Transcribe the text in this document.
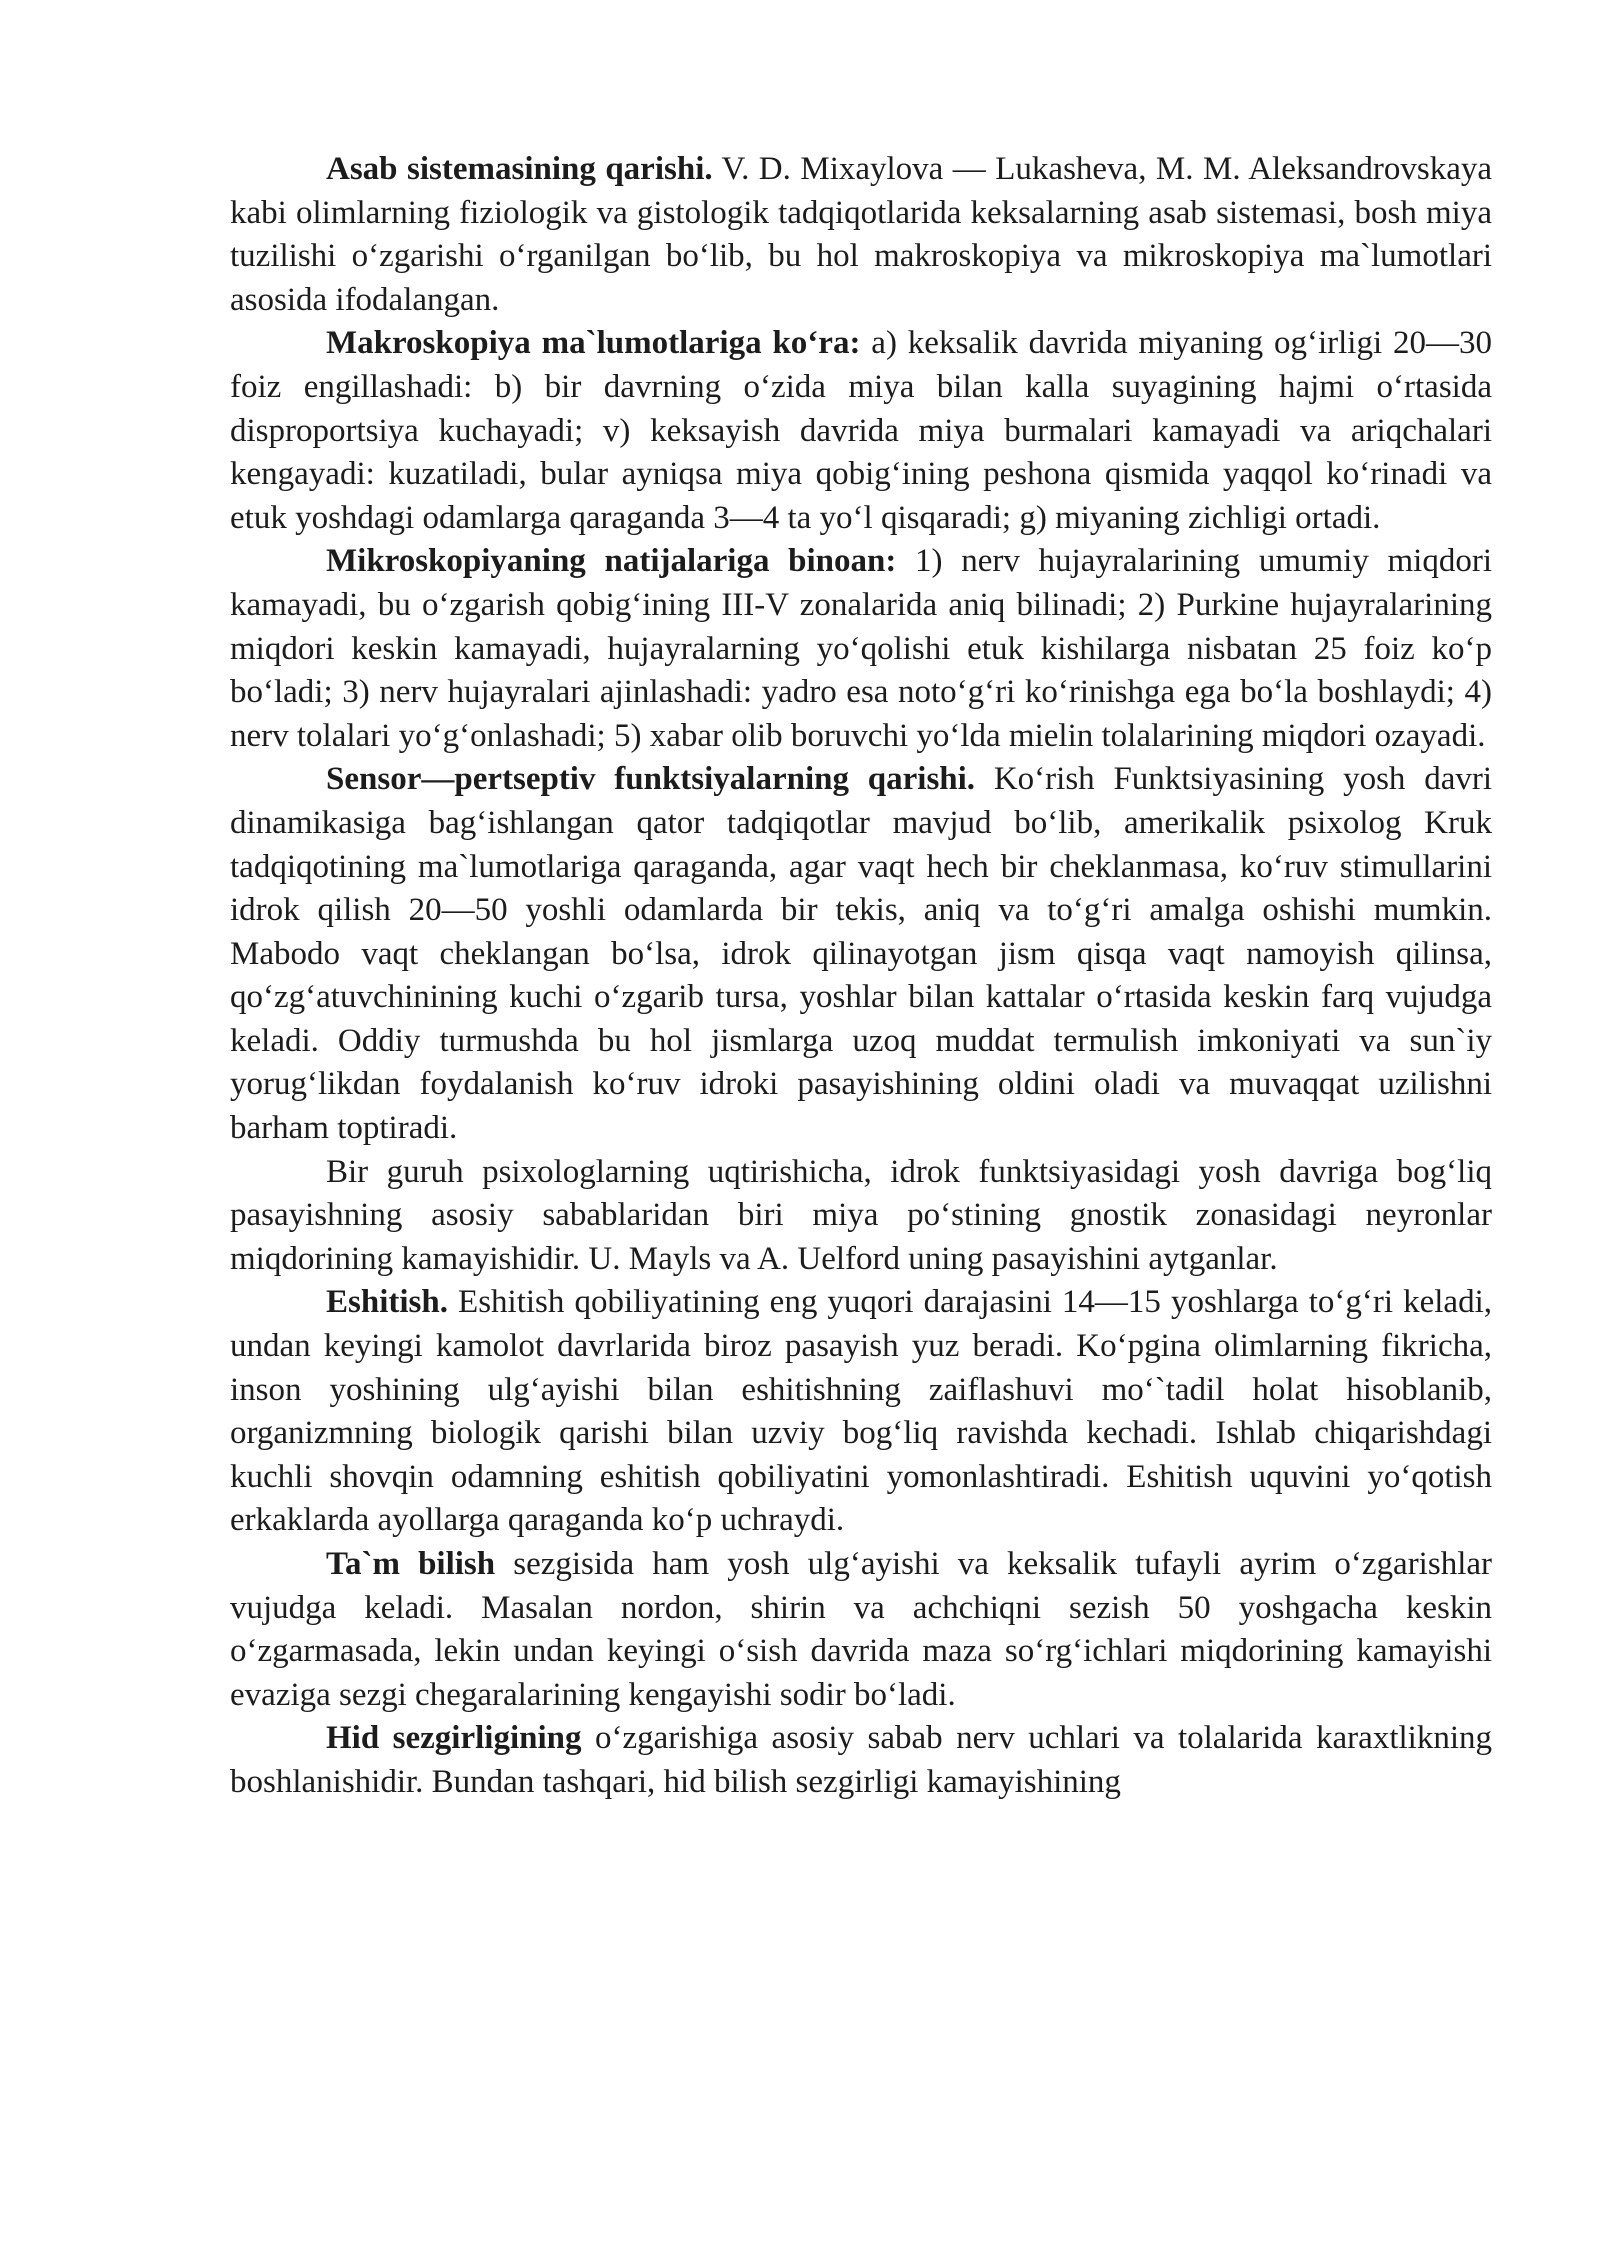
Asab sistemasining qarishi. V. D. Mixaylova — Lukasheva, M. M. Aleksandrovskaya kabi olimlarning fiziologik va gistologik tadqiqotlarida keksalarning asab sistemasi, bosh miya tuzilishi o‘zgarishi o‘rganilgan bo‘lib, bu hol makroskopiya va mikroskopiya ma`lumotlari asosida ifodalangan.

Makroskopiya ma`lumotlariga ko‘ra: a) keksalik davrida miyaning og‘irligi 20—30 foiz engillashadi: b) bir davrning o‘zida miya bilan kalla suyagining hajmi o‘rtasida disproportsiya kuchayadi; v) keksayish davrida miya burmalari kamayadi va ariqchalari kengayadi: kuzatiladi, bular ayniqsa miya qobig‘ining peshona qismida yaqqol ko‘rinadi va etuk yoshdagi odamlarga qaraganda 3—4 ta yo‘l qisqaradi; g) miyaning zichligi ortadi.

Mikroskopiyaning natijalariga binoan: 1) nerv hujayralarining umumiy miqdori kamayadi, bu o‘zgarish qobig‘ining III-V zonalarida aniq bilinadi; 2) Purkine hujayralarining miqdori keskin kamayadi, hujayralarning yo‘qolishi etuk kishilarga nisbatan 25 foiz ko‘p bo‘ladi; 3) nerv hujayralari ajinlashadi: yadro esa noto‘g‘ri ko‘rinishga ega bo‘la boshlaydi; 4) nerv tolalari yo‘g‘onlashadi; 5) xabar olib boruvchi yo‘lda mielin tolalarining miqdori ozayadi.

Sensor—pertseptiv funktsiyalarning qarishi. Ko‘rish Funktsiyasining yosh davri dinamikasiga bag‘ishlangan qator tadqiqotlar mavjud bo‘lib, amerikalik psixolog Kruk tadqiqotining ma`lumotlariga qaraganda, agar vaqt hech bir cheklanmasa, ko‘ruv stimullarini idrok qilish 20—50 yoshli odamlarda bir tekis, aniq va to‘g‘ri amalga oshishi mumkin. Mabodo vaqt cheklangan bo‘lsa, idrok qilinayotgan jism qisqa vaqt namoyish qilinsa, qo‘zg‘atuvchinining kuchi o‘zgarib tursa, yoshlar bilan kattalar o‘rtasida keskin farq vujudga keladi. Oddiy turmushda bu hol jismlarga uzoq muddat termulish imkoniyati va sun`iy yorug‘likdan foydalanish ko‘ruv idroki pasayishining oldini oladi va muvaqqat uzilishni barham toptiradi.

Bir guruh psixologlarning uqtirishicha, idrok funktsiyasidagi yosh davriga bog‘liq pasayishning asosiy sabablaridan biri miya po‘stining gnostik zonasidagi neyronlar miqdorining kamayishidir. U. Mayls va A. Uelford uning pasayishini aytganlar.

Eshitish. Eshitish qobiliyatining eng yuqori darajasini 14—15 yoshlarga to‘g‘ri keladi, undan keyingi kamolot davrlarida biroz pasayish yuz beradi. Ko‘pgina olimlarning fikricha, inson yoshining ulg‘ayishi bilan eshitishning zaiflashuvi mo‘`tadil holat hisoblanib, organizmning biologik qarishi bilan uzviy bog‘liq ravishda kechadi. Ishlab chiqarishdagi kuchli shovqin odamning eshitish qobiliyatini yomonlashtiradi. Eshitish uquvini yo‘qotish erkaklarda ayollarga qaraganda ko‘p uchraydi.

Ta`m bilish sezgisida ham yosh ulg‘ayishi va keksalik tufayli ayrim o‘zgarishlar vujudga keladi. Masalan nordon, shirin va achchiqni sezish 50 yoshgacha keskin o‘zgarmasada, lekin undan keyingi o‘sish davrida maza so‘rg‘ichlari miqdorining kamayishi evaziga sezgi chegaralarining kengayishi sodir bo‘ladi.

Hid sezgirligining o‘zgarishiga asosiy sabab nerv uchlari va tolalarida karaxtlikning boshlanishidir. Bundan tashqari, hid bilish sezgirligi kamayishining
